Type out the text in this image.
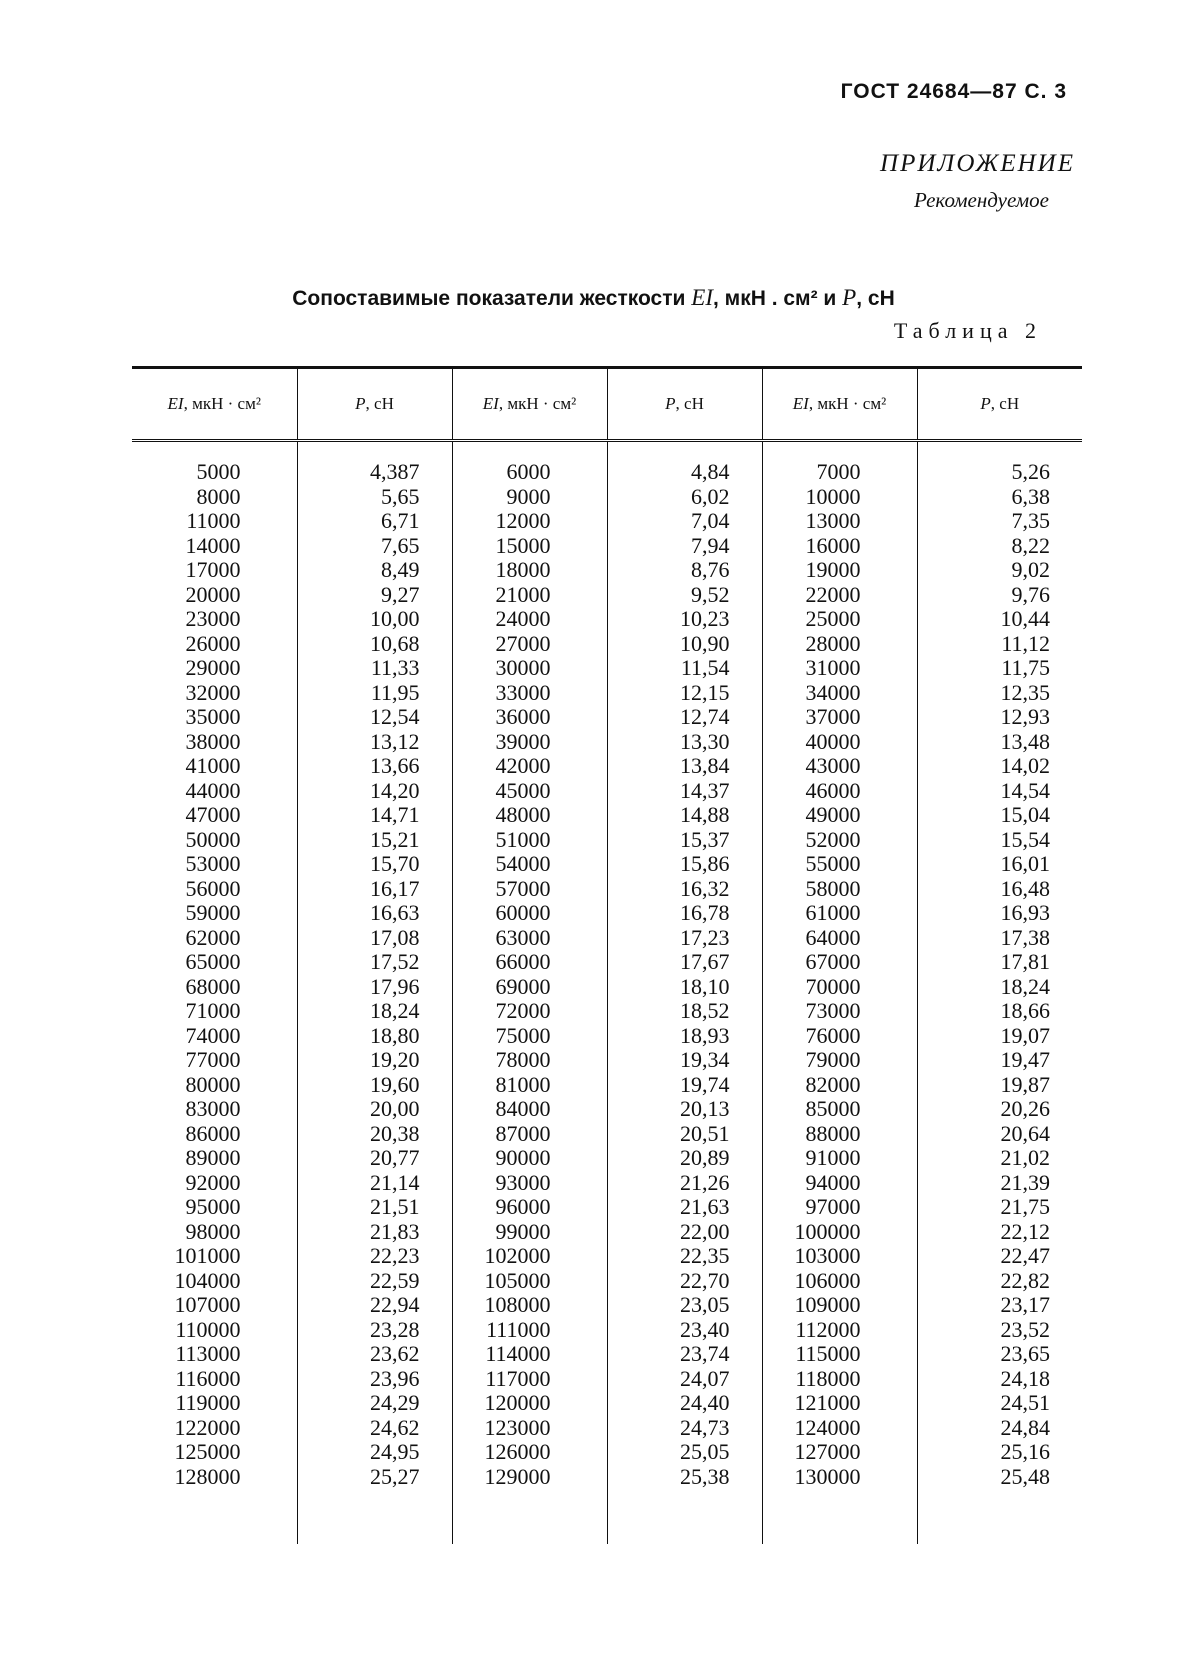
ГОСТ 24684—87 С. 3
ПРИЛОЖЕНИЕ
Рекомендуемое
Сопоставимые показатели жесткости EI, мкН . см² и P, сН
Таблица 2
EI, мкН · см²	P, сН	EI, мкН · см²	P, сН	EI, мкН · см²	P, сН
5000	4,387	6000	4,84	7000	5,26
8000	5,65	9000	6,02	10000	6,38
11000	6,71	12000	7,04	13000	7,35
14000	7,65	15000	7,94	16000	8,22
17000	8,49	18000	8,76	19000	9,02
20000	9,27	21000	9,52	22000	9,76
23000	10,00	24000	10,23	25000	10,44
26000	10,68	27000	10,90	28000	11,12
29000	11,33	30000	11,54	31000	11,75
32000	11,95	33000	12,15	34000	12,35
35000	12,54	36000	12,74	37000	12,93
38000	13,12	39000	13,30	40000	13,48
41000	13,66	42000	13,84	43000	14,02
44000	14,20	45000	14,37	46000	14,54
47000	14,71	48000	14,88	49000	15,04
50000	15,21	51000	15,37	52000	15,54
53000	15,70	54000	15,86	55000	16,01
56000	16,17	57000	16,32	58000	16,48
59000	16,63	60000	16,78	61000	16,93
62000	17,08	63000	17,23	64000	17,38
65000	17,52	66000	17,67	67000	17,81
68000	17,96	69000	18,10	70000	18,24
71000	18,24	72000	18,52	73000	18,66
74000	18,80	75000	18,93	76000	19,07
77000	19,20	78000	19,34	79000	19,47
80000	19,60	81000	19,74	82000	19,87
83000	20,00	84000	20,13	85000	20,26
86000	20,38	87000	20,51	88000	20,64
89000	20,77	90000	20,89	91000	21,02
92000	21,14	93000	21,26	94000	21,39
95000	21,51	96000	21,63	97000	21,75
98000	21,83	99000	22,00	100000	22,12
101000	22,23	102000	22,35	103000	22,47
104000	22,59	105000	22,70	106000	22,82
107000	22,94	108000	23,05	109000	23,17
110000	23,28	111000	23,40	112000	23,52
113000	23,62	114000	23,74	115000	23,65
116000	23,96	117000	24,07	118000	24,18
119000	24,29	120000	24,40	121000	24,51
122000	24,62	123000	24,73	124000	24,84
125000	24,95	126000	25,05	127000	25,16
128000	25,27	129000	25,38	130000	25,48
